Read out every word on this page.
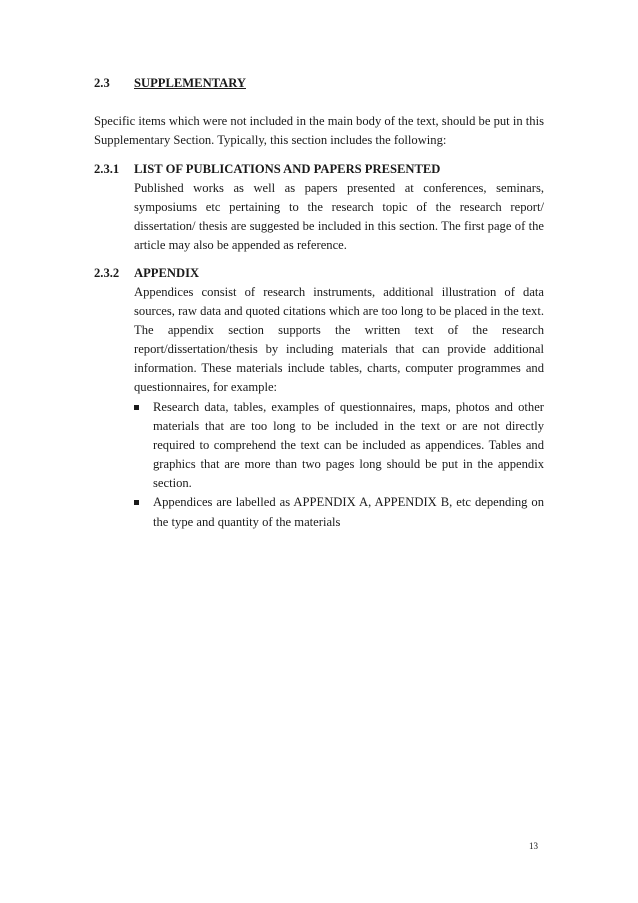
2.3 SUPPLEMENTARY

Specific items which were not included in the main body of the text, should be put in this Supplementary Section. Typically, this section includes the following:

2.3.1 LIST OF PUBLICATIONS AND PAPERS PRESENTED

Published works as well as papers presented at conferences, seminars, symposiums etc pertaining to the research topic of the research report/ dissertation/ thesis are suggested be included in this section. The first page of the article may also be appended as reference.

2.3.2 APPENDIX

Appendices consist of research instruments, additional illustration of data sources, raw data and quoted citations which are too long to be placed in the text. The appendix section supports the written text of the research report/dissertation/thesis by including materials that can provide additional information. These materials include tables, charts, computer programmes and questionnaires, for example:

Research data, tables, examples of questionnaires, maps, photos and other materials that are too long to be included in the text or are not directly required to comprehend the text can be included as appendices. Tables and graphics that are more than two pages long should be put in the appendix section.
Appendices are labelled as APPENDIX A, APPENDIX B, etc depending on the type and quantity of the materials
13
